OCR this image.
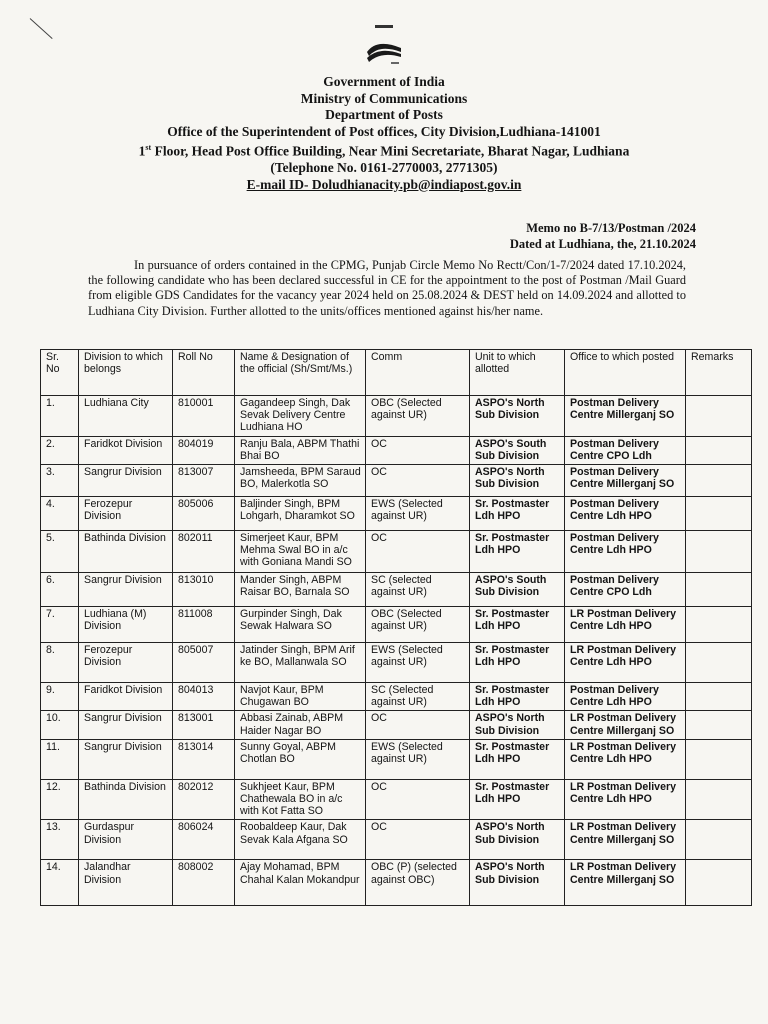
Government of India
Ministry of Communications
Department of Posts
Office of the Superintendent of Post offices, City Division,Ludhiana-141001
1st Floor, Head Post Office Building, Near Mini Secretariate, Bharat Nagar, Ludhiana
(Telephone No. 0161-2770003, 2771305)
E-mail ID- Doludhianacity.pb@indiapost.gov.in
Memo no B-7/13/Postman /2024
Dated at Ludhiana, the, 21.10.2024
In pursuance of orders contained in the CPMG, Punjab Circle Memo No Rectt/Con/1-7/2024 dated 17.10.2024, the following candidate who has been declared successful in CE for the appointment to the post of Postman /Mail Guard from eligible GDS Candidates for the vacancy year 2024 held on 25.08.2024 & DEST held on 14.09.2024 and allotted to Ludhiana City Division. Further allotted to the units/offices mentioned against his/her name.
Sr. No	Division to which belongs	Roll No	Name & Designation of the official (Sh/Smt/Ms.)	Comm	Unit to which allotted	Office to which posted	Remarks
1.	Ludhiana City	810001	Gagandeep Singh, Dak Sevak Delivery Centre Ludhiana HO	OBC (Selected against UR)	ASPO's North Sub Division	Postman Delivery Centre Millerganj SO	
2.	Faridkot Division	804019	Ranju Bala, ABPM Thathi Bhai BO	OC	ASPO's South Sub Division	Postman Delivery Centre CPO Ldh	
3.	Sangrur Division	813007	Jamsheeda, BPM Saraud BO, Malerkotla SO	OC	ASPO's North Sub Division	Postman Delivery Centre Millerganj SO	
4.	Ferozepur Division	805006	Baljinder Singh, BPM Lohgarh, Dharamkot SO	EWS (Selected against UR)	Sr. Postmaster Ldh HPO	Postman Delivery Centre Ldh HPO	
5.	Bathinda Division	802011	Simerjeet Kaur, BPM Mehma Swal BO in a/c with Goniana Mandi SO	OC	Sr. Postmaster Ldh HPO	Postman Delivery Centre Ldh HPO	
6.	Sangrur Division	813010	Mander Singh, ABPM Raisar BO, Barnala SO	SC (selected against UR)	ASPO's South Sub Division	Postman Delivery Centre CPO Ldh	
7.	Ludhiana (M) Division	811008	Gurpinder Singh, Dak Sewak Halwara SO	OBC (Selected against UR)	Sr. Postmaster Ldh HPO	LR Postman Delivery Centre Ldh HPO	
8.	Ferozepur Division	805007	Jatinder Singh, BPM Arif ke BO, Mallanwala SO	EWS (Selected against UR)	Sr. Postmaster Ldh HPO	LR Postman Delivery Centre Ldh HPO	
9.	Faridkot Division	804013	Navjot Kaur, BPM Chugawan BO	SC (Selected against UR)	Sr. Postmaster Ldh HPO	Postman Delivery Centre Ldh HPO	
10.	Sangrur Division	813001	Abbasi Zainab, ABPM Haider Nagar BO	OC	ASPO's North Sub Division	LR Postman Delivery Centre Millerganj SO	
11.	Sangrur Division	813014	Sunny Goyal, ABPM Chotlan BO	EWS (Selected against UR)	Sr. Postmaster Ldh HPO	LR Postman Delivery Centre Ldh HPO	
12.	Bathinda Division	802012	Sukhjeet Kaur, BPM Chathewala BO in a/c with Kot Fatta SO	OC	Sr. Postmaster Ldh HPO	LR Postman Delivery Centre Ldh HPO	
13.	Gurdaspur Division	806024	Roobaldeep Kaur, Dak Sevak Kala Afgana SO	OC	ASPO's North Sub Division	LR Postman Delivery Centre Millerganj SO	
14.	Jalandhar Division	808002	Ajay Mohamad, BPM Chahal Kalan Mokandpur	OBC (P) (selected against OBC)	ASPO's North Sub Division	LR Postman Delivery Centre Millerganj SO	
